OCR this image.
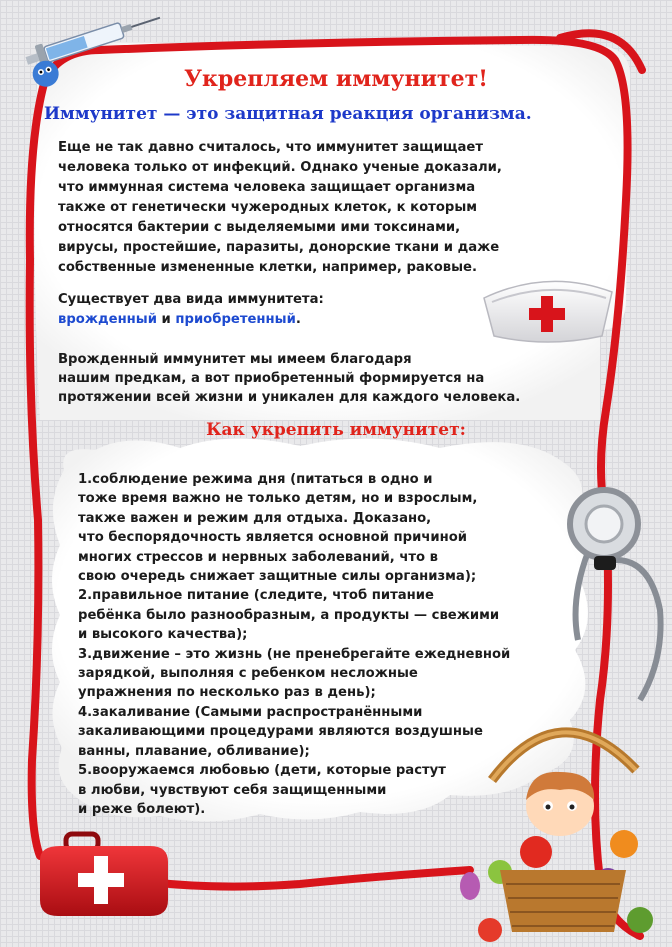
Укрепляем иммунитет!
Иммунитет — это защитная реакция организма.

Еще не так давно считалось, что иммунитет защищает
человека только от инфекций. Однако ученые доказали,
что иммунная система человека защищает организма
также от генетически чужеродных клеток, к которым
относятся бактерии с выделяемыми ими токсинами,
вирусы, простейшие, паразиты, донорские ткани и даже
собственные измененные клетки, например, раковые.

Существует два вида иммунитета:
врожденный и приобретенный.

Врожденный иммунитет мы имеем благодаря
нашим предкам, а вот приобретенный формируется на
протяжении всей жизни и уникален для каждого человека.

Как укрепить иммунитет:
1.соблюдение режима дня (питаться в одно и
тоже время важно не только детям, но и взрослым,
также важен и режим для отдыха. Доказано,
что беспорядочность является основной причиной
многих стрессов и нервных заболеваний, что в
свою очередь снижает защитные силы организма);
2.правильное питание (следите, чтоб питание
ребёнка было разнообразным, а продукты — свежими
и высокого качества);
3.движение – это жизнь (не пренебрегайте ежедневной
зарядкой, выполняя с ребенком несложные
упражнения по несколько раз в день);
4.закаливание (Самыми распространёнными
закаливающими процедурами являются воздушные
ванны, плавание, обливание);
5.вооружаемся любовью (дети, которые растут
в любви, чувствуют себя защищенными
и реже болеют).
